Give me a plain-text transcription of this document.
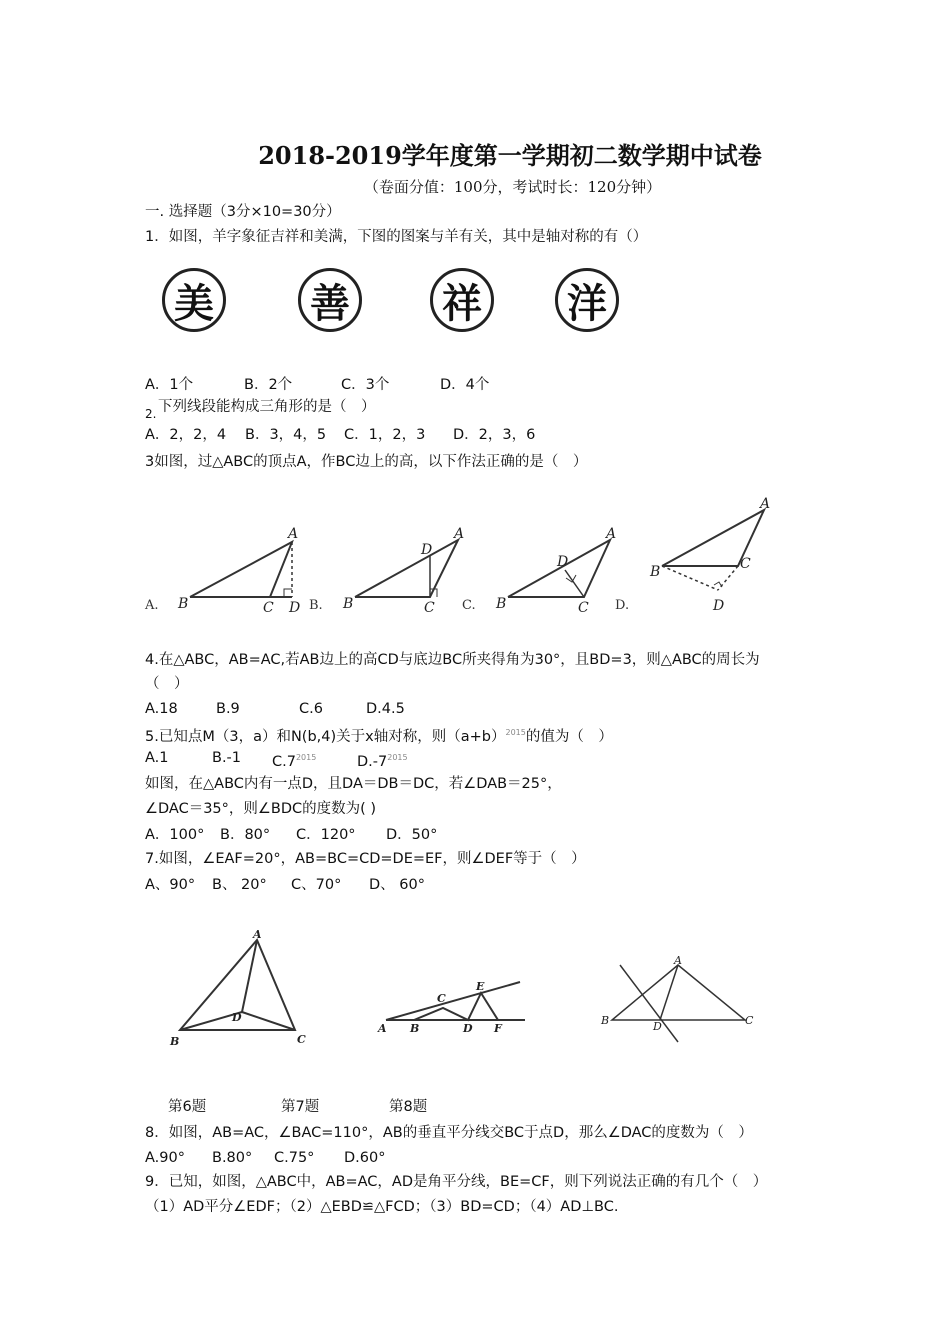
2018-2019学年度第一学期初二数学期中试卷
（卷面分值：100分，考试时长：120分钟）
一. 选择题（3分×10=30分）
1．如图，羊字象征吉祥和美满，下图的图案与羊有关，其中是轴对称的有（）
美	善	祥	洋
A．1个	B．2个	C．3个	D．4个
2. 下列线段能构成三角形的是（　）
A．2，2，4 B．3，4，5 C．1，2，3 D．2，3，6
3如图，过△ABC的顶点A，作BC边上的高，以下作法正确的是（　）
A.	B.	C.	D.
A
B	C D
A
D
B	C
A
D
B	C
A
B	C
D
4.在△ABC，AB=AC,若AB边上的高CD与底边BC所夹得角为30°，且BD=3，则△ABC的周长为
（　）
A.18	B.9	C.6	D.4.5
5.已知点M（3，a）和N(b,4)关于x轴对称，则$(a+b)^{2015}$的值为（　）
A.1	B.-1 $C.7^{2015}$	$D.-7^{2015}$
如图，在△ABC内有一点D，且DA＝DB＝DC，若∠DAB＝25°，
∠DAC＝35°，则∠BDC的度数为( )
A．100° B．80° C．120° D．50°
7.如图，∠EAF=20°，AB=BC=CD=DE=EF，则∠DEF等于（　）
A、90° B、 20° C、70° D、 60°
A
B	C
D
A B
C
D
E
F
A
B	C
D
第6题	第7题	第8题
8．如图，AB=AC，∠BAC=110°，AB的垂直平分线交BC于点D，那么∠DAC的度数为（　）
A.90° B.80° C.75° D.60°
9．已知，如图，△ABC中，AB=AC，AD是角平分线，BE=CF，则下列说法正确的有几个（　）
（1）AD平分∠EDF；（2）△EBD≌△FCD；（3）BD=CD；（4）AD⊥BC.
